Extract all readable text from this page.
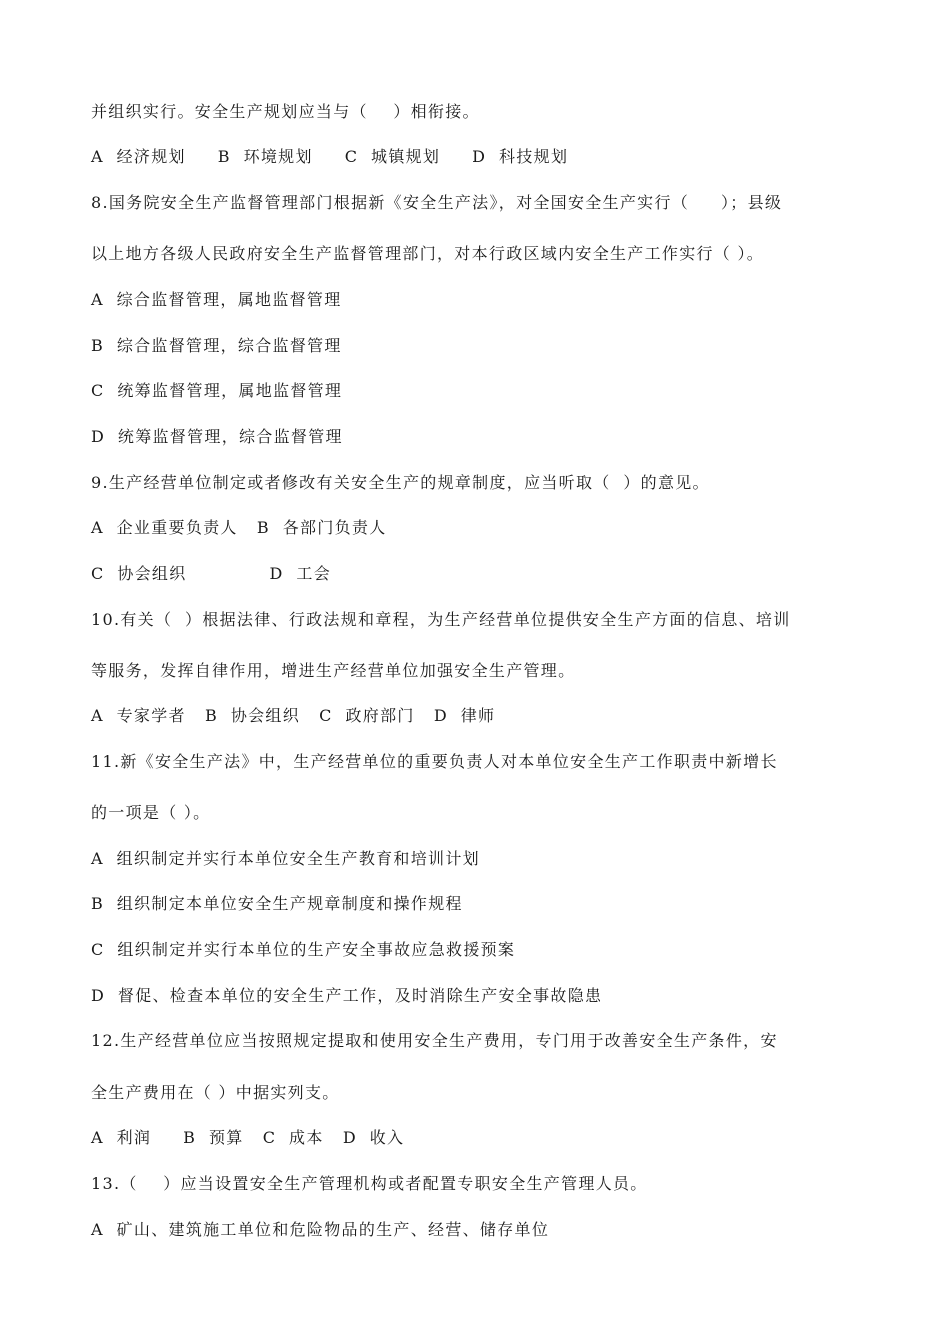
并组织实行。安全生产规划应当与（    ）相衔接。
A  经济规划     B  环境规划     C  城镇规划     D  科技规划
8.国务院安全生产监督管理部门根据新《安全生产法》，对全国安全生产实行（     ）；县级
以上地方各级人民政府安全生产监督管理部门，对本行政区域内安全生产工作实行（ ）。
A  综合监督管理，属地监督管理
B  综合监督管理，综合监督管理
C  统筹监督管理，属地监督管理
D  统筹监督管理，综合监督管理
9.生产经营单位制定或者修改有关安全生产的规章制度，应当听取（  ）的意见。
A  企业重要负责人   B  各部门负责人
C  协会组织             D  工会
10.有关（  ）根据法律、行政法规和章程，为生产经营单位提供安全生产方面的信息、培训
等服务，发挥自律作用，增进生产经营单位加强安全生产管理。
A  专家学者   B  协会组织   C  政府部门   D  律师
11.新《安全生产法》中，生产经营单位的重要负责人对本单位安全生产工作职责中新增长
的一项是（ ）。
A  组织制定并实行本单位安全生产教育和培训计划
B  组织制定本单位安全生产规章制度和操作规程
C  组织制定并实行本单位的生产安全事故应急救援预案
D  督促、检查本单位的安全生产工作，及时消除生产安全事故隐患
12.生产经营单位应当按照规定提取和使用安全生产费用，专门用于改善安全生产条件，安
全生产费用在（ ）中据实列支。
A  利润     B  预算   C  成本   D  收入
13.（    ）应当设置安全生产管理机构或者配置专职安全生产管理人员。
A  矿山、建筑施工单位和危险物品的生产、经营、储存单位
